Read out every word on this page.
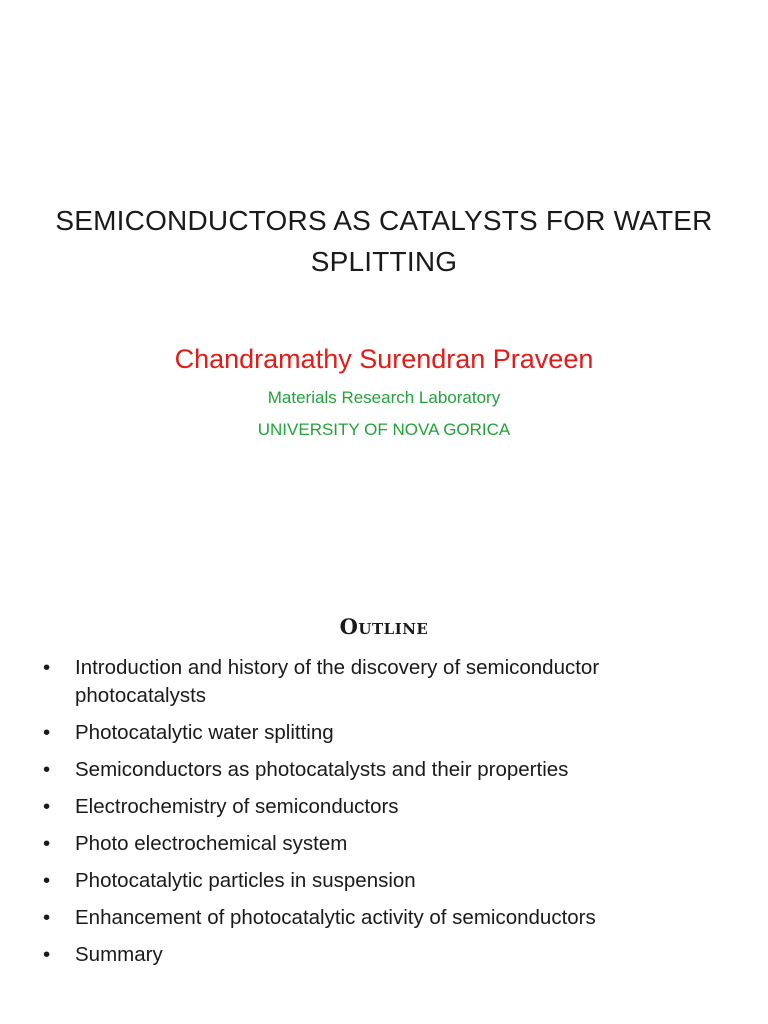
SEMICONDUCTORS AS CATALYSTS FOR WATER SPLITTING
Chandramathy Surendran Praveen
Materials Research Laboratory
UNIVERSITY OF NOVA GORICA
Outline
• Introduction and history of the discovery of semiconductor photocatalysts
• Photocatalytic water splitting
• Semiconductors as photocatalysts and their properties
• Electrochemistry of semiconductors
• Photo electrochemical system
• Photocatalytic particles in suspension
• Enhancement of photocatalytic activity of semiconductors
• Summary
